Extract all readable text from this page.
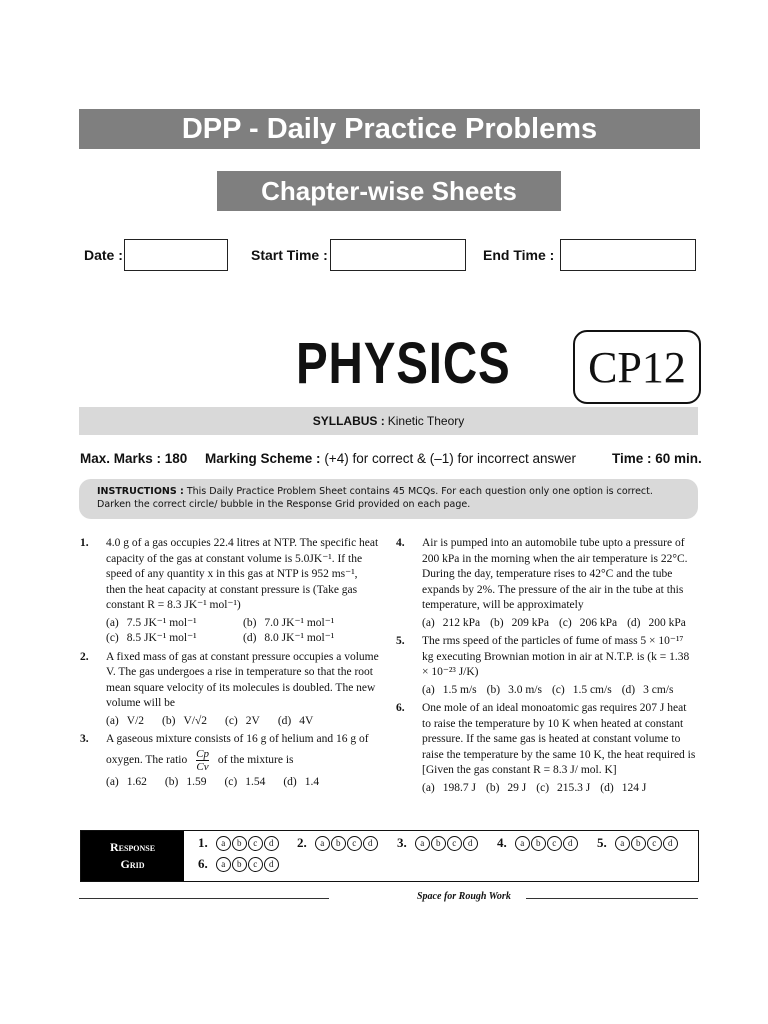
DPP - Daily Practice Problems
Chapter-wise Sheets
Date :	Start Time :	End Time :
PHYSICS	CP12
SYLLABUS : Kinetic Theory
Max. Marks : 180 Marking Scheme : (+4) for correct & (–1) for incorrect answer	Time : 60 min.
INSTRUCTIONS : This Daily Practice Problem Sheet contains 45 MCQs. For each question only one option is correct. Darken the correct circle/ bubble in the Response Grid provided on each page.
1. 4.0 g of a gas occupies 22.4 litres at NTP. The specific heat capacity of the gas at constant volume is 5.0JK⁻¹. If the speed of any quantity x in this gas at NTP is 952 ms⁻¹, then the heat capacity at constant pressure is (Take gas constant R = 8.3 JK⁻¹ mol⁻¹)
(a) 7.5 JK⁻¹ mol⁻¹	(b) 7.0 JK⁻¹ mol⁻¹
(c) 8.5 JK⁻¹ mol⁻¹	(d) 8.0 JK⁻¹ mol⁻¹
2. A fixed mass of gas at constant pressure occupies a volume V. The gas undergoes a rise in temperature so that the root mean square velocity of its molecules is doubled. The new volume will be
(a) V/2 (b) V/√2 (c) 2V (d) 4V
3. A gaseous mixture consists of 16 g of helium and 16 g of
oxygen. The ratio $\frac{Cp}{Cv}$ of the mixture is
(a) 1.62 (b) 1.59 (c) 1.54 (d) 1.4
4. Air is pumped into an automobile tube upto a pressure of 200 kPa in the morning when the air temperature is 22°C. During the day, temperature rises to 42°C and the tube expands by 2%. The pressure of the air in the tube at this temperature, will be approximately
(a) 212 kPa (b) 209 kPa (c) 206 kPa (d) 200 kPa
5. The rms speed of the particles of fume of mass 5 × 10⁻¹⁷ kg executing Brownian motion in air at N.T.P. is (k = 1.38 × 10⁻²³ J/K)
(a) 1.5 m/s (b) 3.0 m/s (c) 1.5 cm/s (d) 3 cm/s
6. One mole of an ideal monoatomic gas requires 207 J heat to raise the temperature by 10 K when heated at constant pressure. If the same gas is heated at constant volume to raise the temperature by the same 10 K, the heat required is [Given the gas constant R = 8.3 J/ mol. K]
(a) 198.7 J (b) 29 J (c) 215.3 J (d) 124 J
Response
Grid
1.	a	b	c	d	2.	a	b	c	d	3.	a	b	c	d	4.	a	b	c	d	5.	a	b	c	d
6.	a	b	c	d
Space for Rough Work
